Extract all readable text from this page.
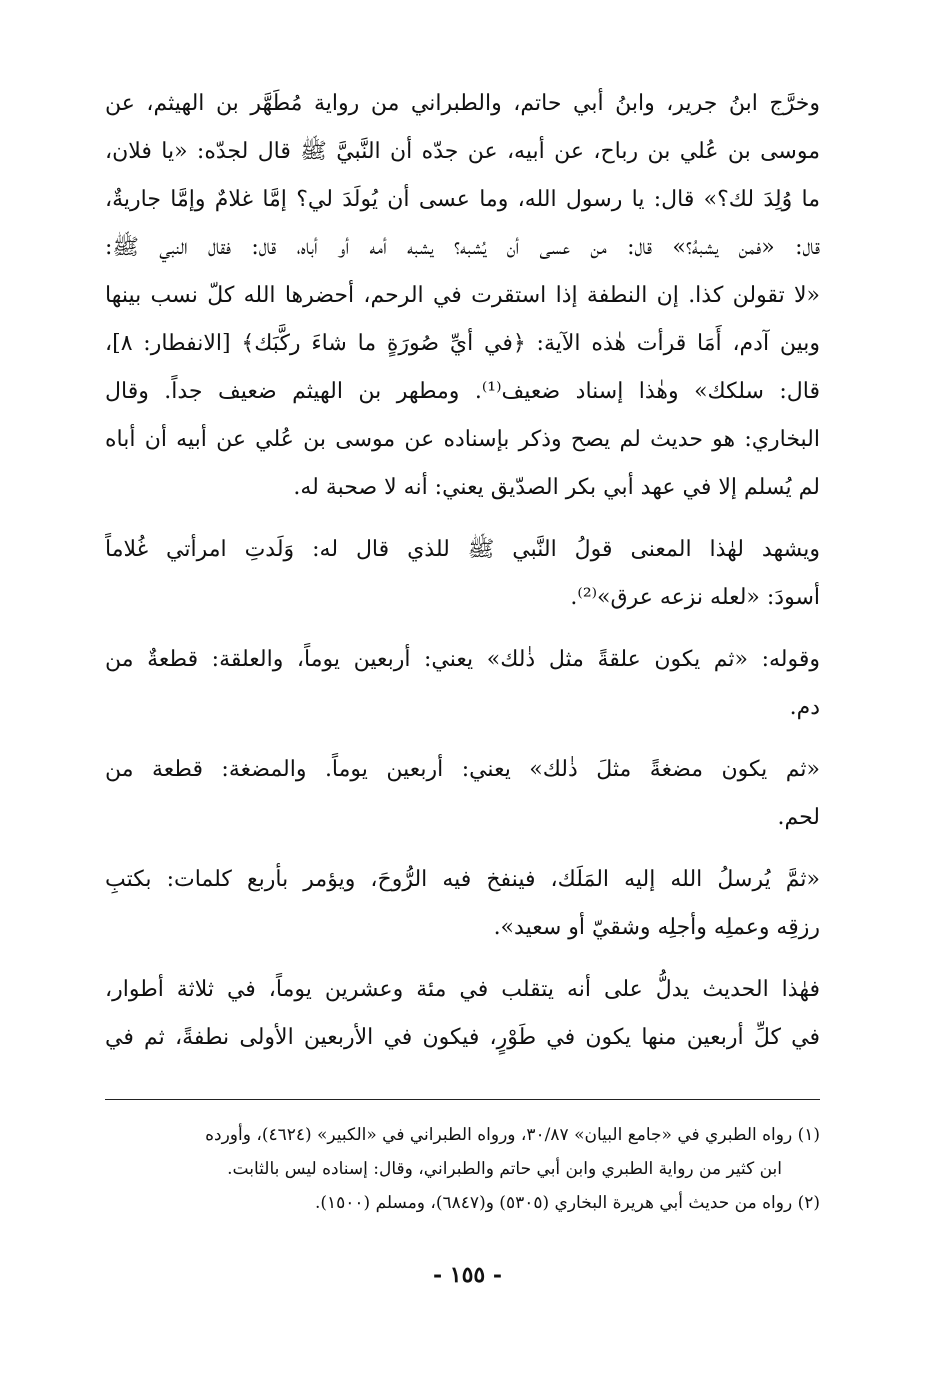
وخرَّج ابنُ جرير، وابنُ أبي حاتم، والطبراني من رواية مُطَهَّر بن الهيثم، عن
موسى بن عُلي بن رباح، عن أبيه، عن جدّه أن النَّبيَّ ﷺ قال لجدّه: «يا فلان،
ما وُلِدَ لك؟» قال: يا رسول الله، وما عسى أن يُولَدَ لي؟ إمَّا غلامٌ وإمَّا جاريةٌ،
قال: «فمن يشبهُ؟» قال: من عسى أن يُشبه؟ يشبه أمه أو أباه، قال: فقال النبي ﷺ:
«لا تقولن كذا. إن النطفة إذا استقرت في الرحم، أحضرها الله كلّ نسب بينها
وبين آدم، أَمَا قرأت هٰذه الآية: ﴿في أيِّ صُورَةٍ ما شاءَ ركَّبَك﴾ [الانفطار: ٨]،
قال: سلكك» وهٰذا إسناد ضعيف⁽¹⁾. ومطهر بن الهيثم ضعيف جداً. وقال
البخاري: هو حديث لم يصح وذكر بإسناده عن موسى بن عُلي عن أبيه أن أباه
لم يُسلم إلا في عهد أبي بكر الصدّيق يعني: أنه لا صحبة له.
ويشهد لهٰذا المعنى قولُ النَّبي ﷺ للذي قال له: وَلَدتِ امرأتي غُلاماً
أسودَ: «لعله نزعه عرق»⁽²⁾.
وقوله: «ثم يكون علقةً مثل ذٰلك» يعني: أربعين يوماً، والعلقة: قطعةٌ من
دم.
«ثم يكون مضغةً مثلَ ذٰلك» يعني: أربعين يوماً. والمضغة: قطعة من
لحم.
«ثمَّ يُرسلُ الله إليه المَلَك، فينفخ فيه الرُّوحَ، ويؤمر بأربع كلمات: بكتبِ
رزقِه وعملِه وأجلِه وشقيّ أو سعيد».
فهٰذا الحديث يدلُّ على أنه يتقلب في مئة وعشرين يوماً، في ثلاثة أطوار،
في كلِّ أربعين منها يكون في طَوْرٍ، فيكون في الأربعين الأولى نطفةً، ثم في
(١) رواه الطبري في «جامع البيان» ٣٠/٨٧، ورواه الطبراني في «الكبير» (٤٦٢٤)، وأورده
ابن كثير من رواية الطبري وابن أبي حاتم والطبراني، وقال: إسناده ليس بالثابت.
(٢) رواه من حديث أبي هريرة البخاري (٥٣٠٥) و(٦٨٤٧)، ومسلم (١٥٠٠).
- ١٥٥ -
